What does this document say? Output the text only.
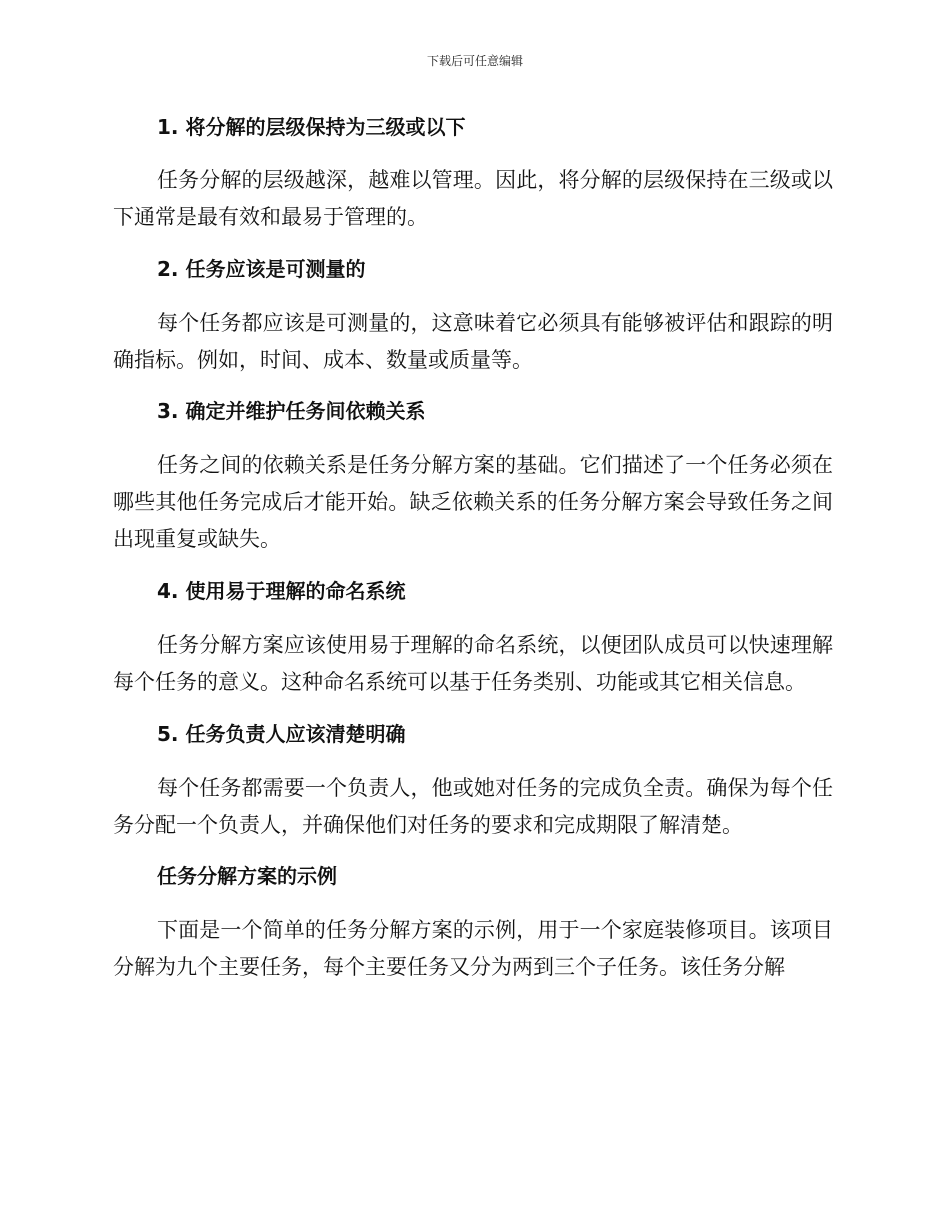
下载后可任意编辑
1. 将分解的层级保持为三级或以下

任务分解的层级越深，越难以管理。因此，将分解的层级保持在三级或以下通常是最有效和最易于管理的。

2. 任务应该是可测量的

每个任务都应该是可测量的，这意味着它必须具有能够被评估和跟踪的明确指标。例如，时间、成本、数量或质量等。

3. 确定并维护任务间依赖关系

任务之间的依赖关系是任务分解方案的基础。它们描述了一个任务必须在哪些其他任务完成后才能开始。缺乏依赖关系的任务分解方案会导致任务之间出现重复或缺失。

4. 使用易于理解的命名系统

任务分解方案应该使用易于理解的命名系统，以便团队成员可以快速理解每个任务的意义。这种命名系统可以基于任务类别、功能或其它相关信息。

5. 任务负责人应该清楚明确

每个任务都需要一个负责人，他或她对任务的完成负全责。确保为每个任务分配一个负责人，并确保他们对任务的要求和完成期限了解清楚。

任务分解方案的示例

下面是一个简单的任务分解方案的示例，用于一个家庭装修项目。该项目分解为九个主要任务，每个主要任务又分为两到三个子任务。该任务分解
